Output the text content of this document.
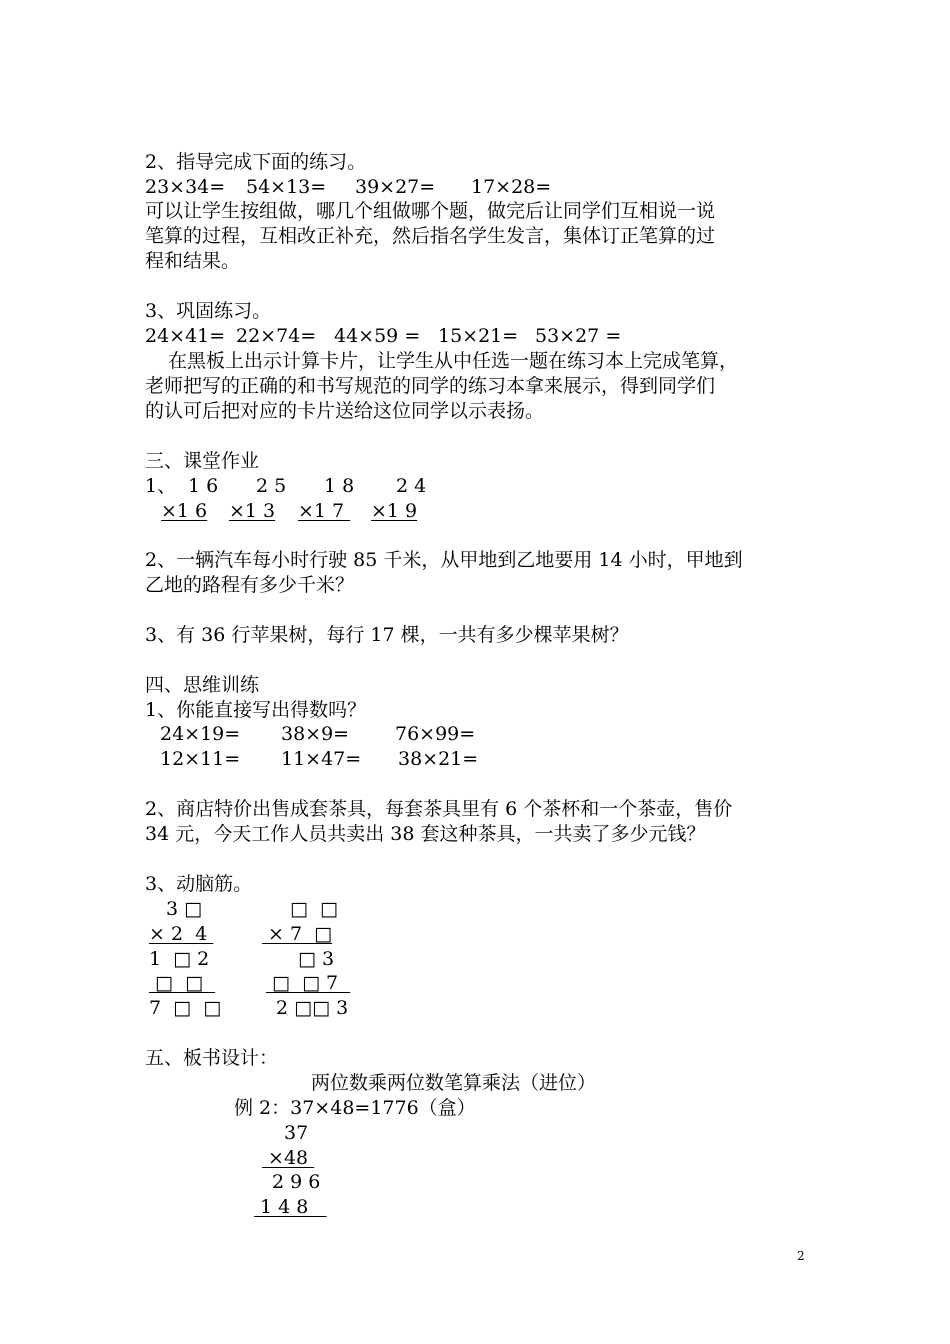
2、指导完成下面的练习。
23×34= 54×13= 39×27= 17×28=
可以让学生按组做，哪几个组做哪个题，做完后让同学们互相说一说
笔算的过程，互相改正补充，然后指名学生发言，集体订正笔算的过
程和结果。
3、巩固练习。
24×41= 22×74= 44×59 = 15×21= 53×27 =
在黑板上出示计算卡片，让学生从中任选一题在练习本上完成笔算，
老师把写的正确的和书写规范的同学的练习本拿来展示，得到同学们
的认可后把对应的卡片送给这位同学以示表扬。
三、课堂作业
1、 1 6 2 5 1 8 2 4
×1 6 ×1 3 ×1 7 ×1 9
2、一辆汽车每小时行驶 85 千米，从甲地到乙地要用 14 小时，甲地到
乙地的路程有多少千米？
3、有 36 行苹果树，每行 17 棵，一共有多少棵苹果树？
四、思维训练
1、你能直接写出得数吗？
24×19= 38×9= 76×99=
12×11= 11×47= 38×21=
2、商店特价出售成套茶具，每套茶具里有 6 个茶杯和一个茶壶，售价
34 元，今天工作人员共卖出 38 套这种茶具，一共卖了多少元钱？
3、动脑筋。
3 □
× 2  4
1  □ 2
□  □
7  □  □
□  □
× 7  □
□ 3
□  □ 7
2 □□ 3
五、板书设计：
两位数乘两位数笔算乘法（进位）
例 2：37×48=1776（盒）
37
×48
2 9 6
1 4 8
2
